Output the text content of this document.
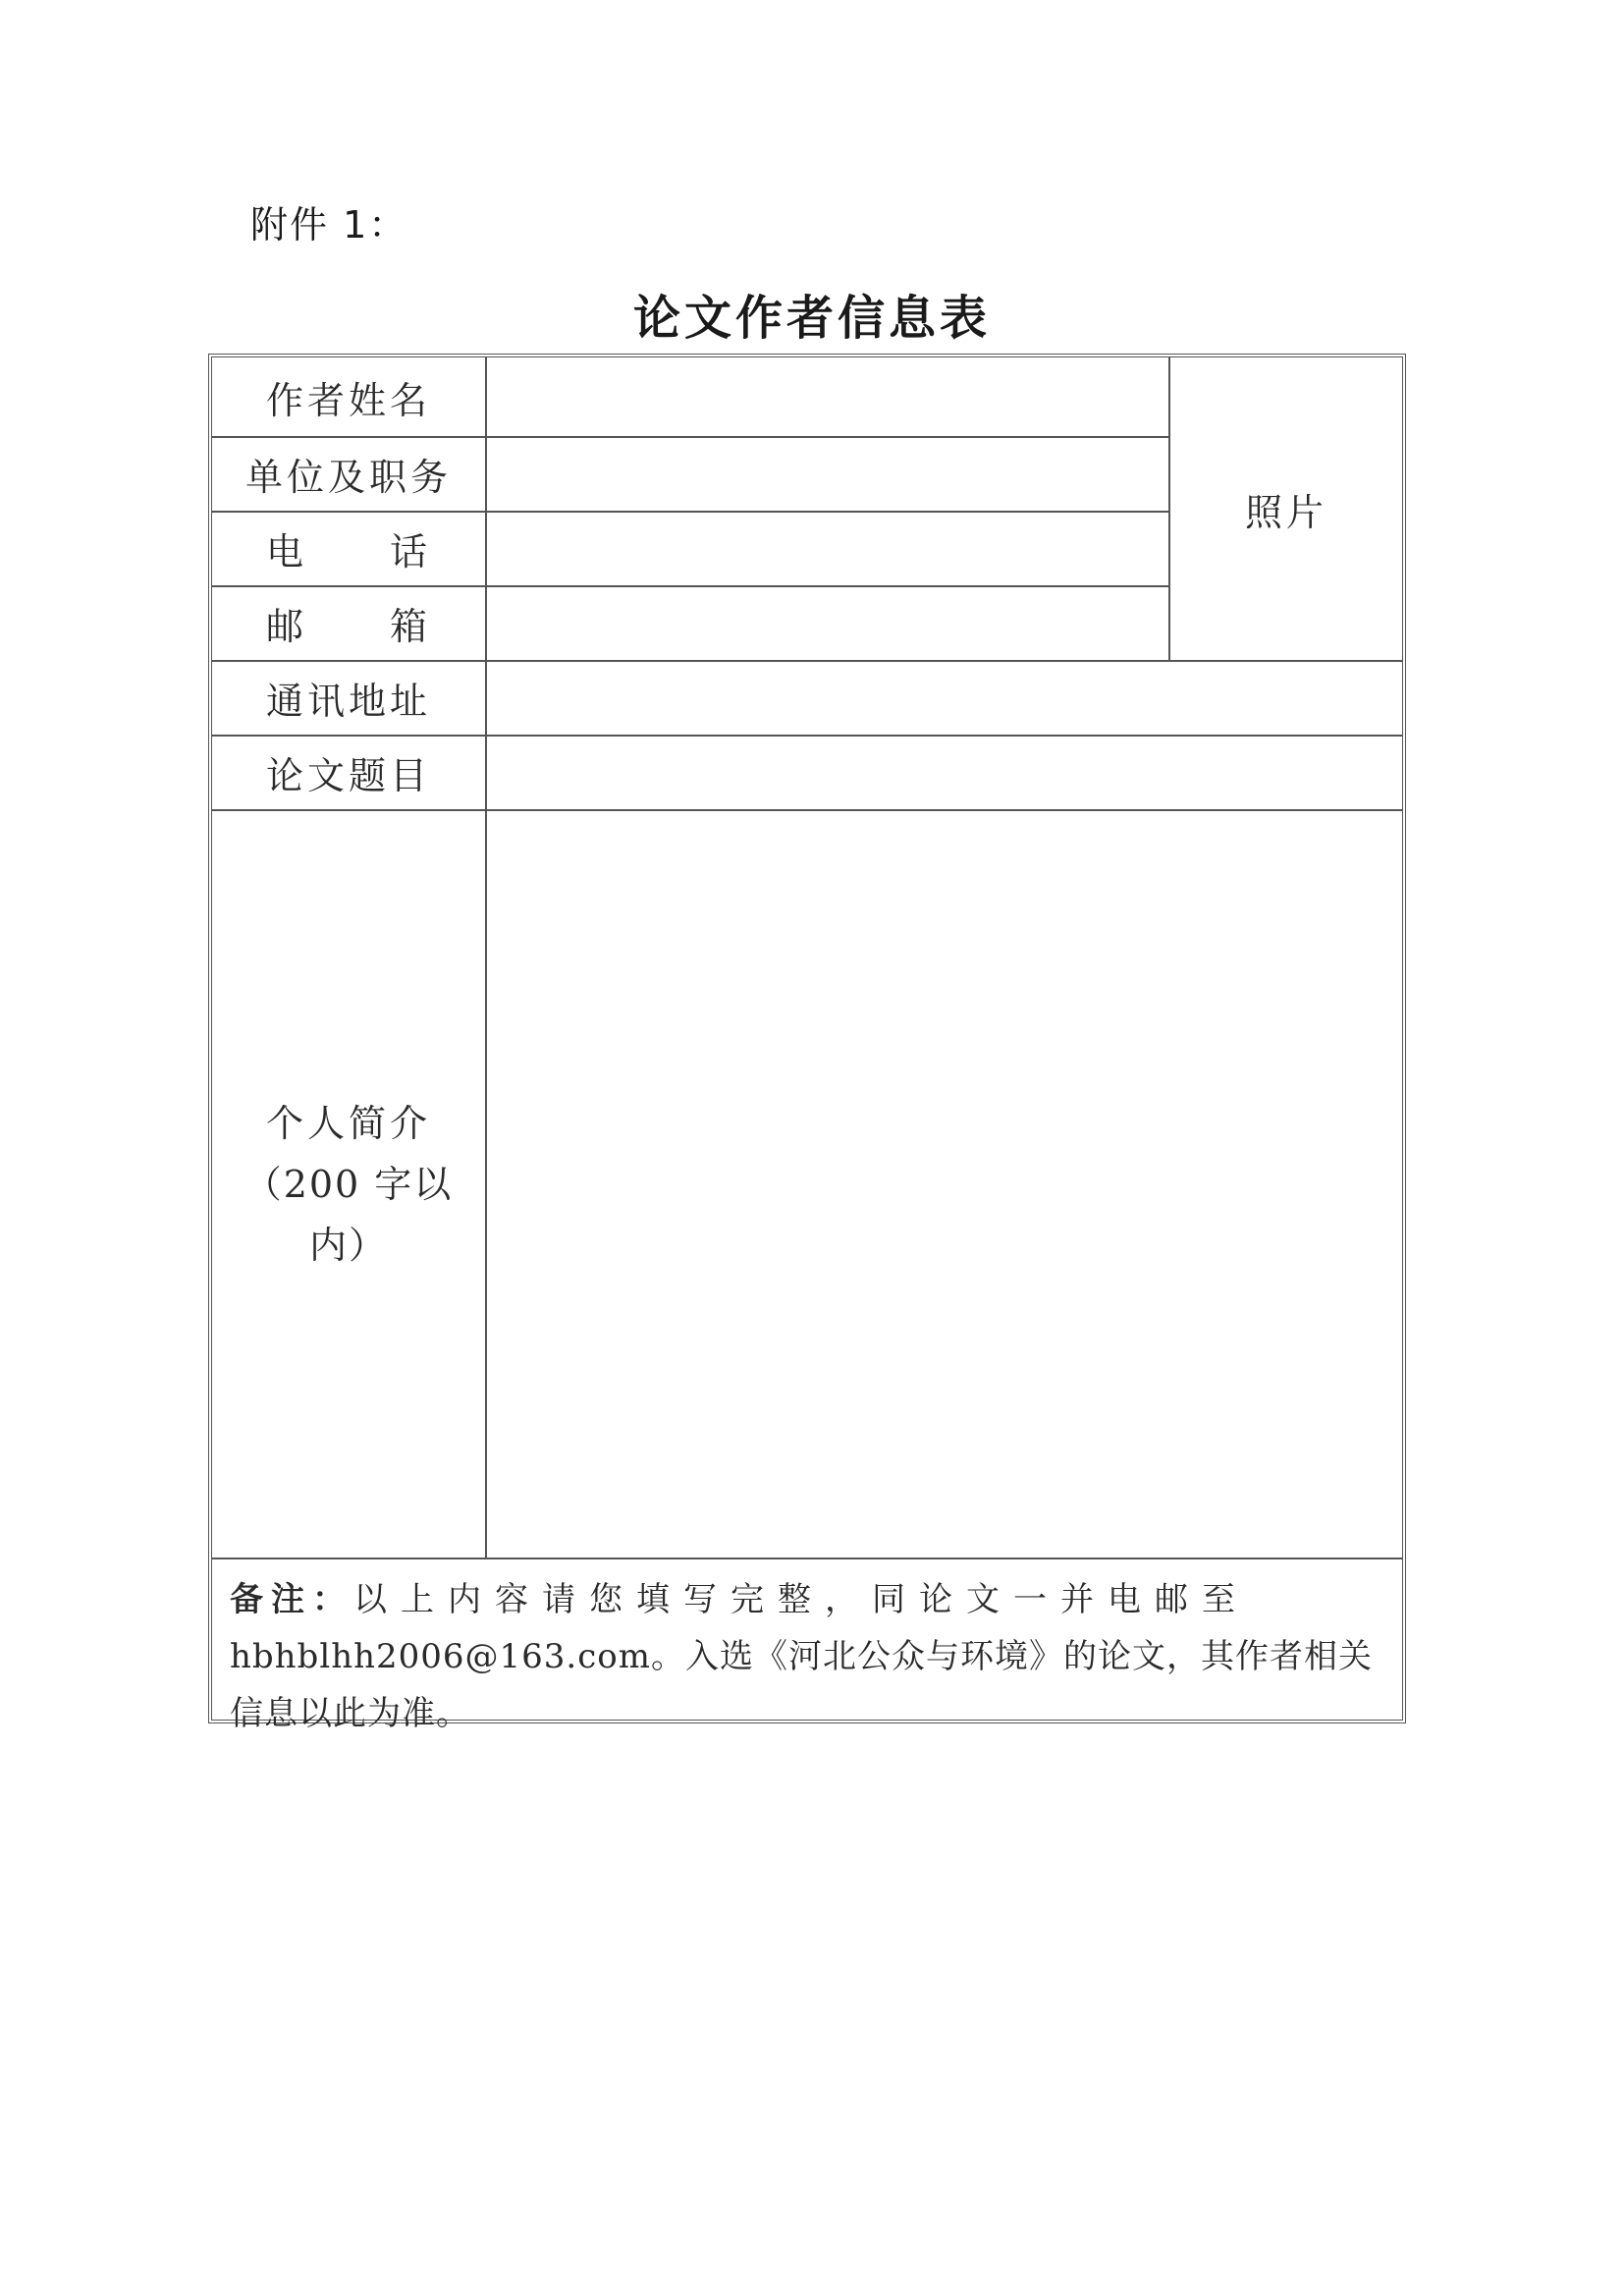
附件 1：
论文作者信息表
作者姓名
单位及职务
电　　话
邮　　箱
通讯地址
论文题目
照片
个人简介
（200 字以
内）
备注：以上内容请您填写完整，同论文一并电邮至
hbhblhh2006@163.com。入选《河北公众与环境》的论文，其作者相关
信息以此为准。
